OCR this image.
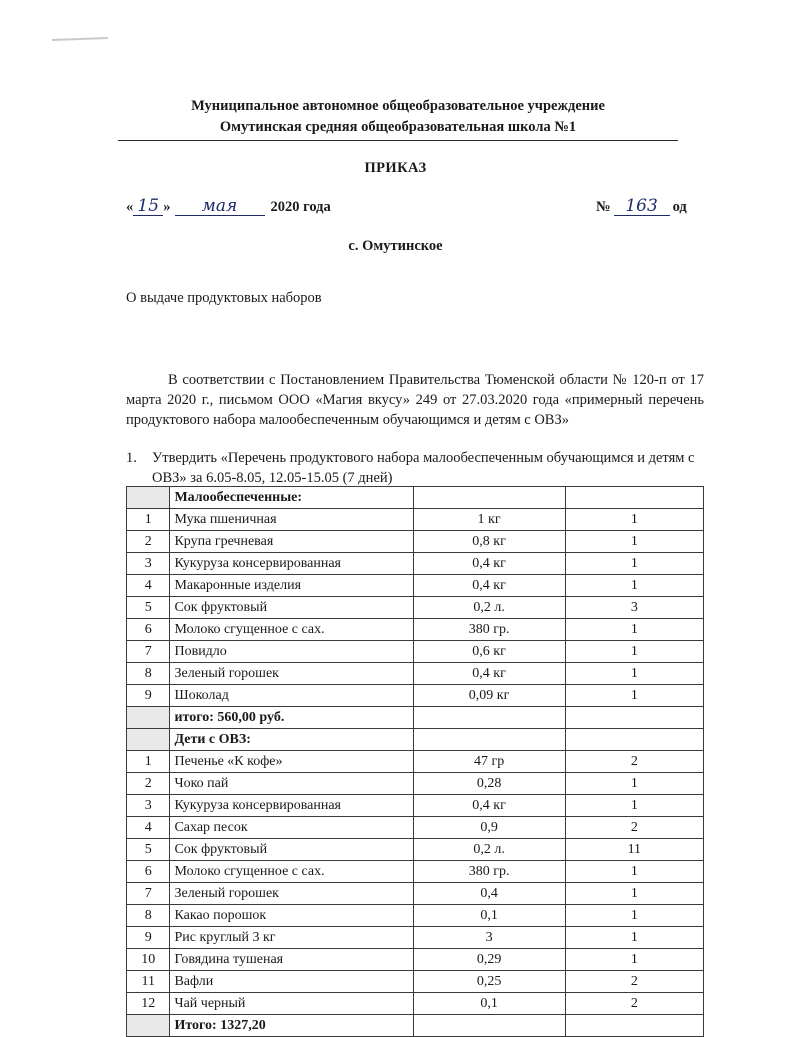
Муниципальное автономное общеобразовательное учреждение
Омутинская средняя общеобразовательная школа №1
ПРИКАЗ
« 15 »	мая	2020 года	№ 163	од
с. Омутинское
О выдаче продуктовых наборов

В соответствии с Постановлением Правительства Тюменской области № 120-п от 17 марта 2020 г., письмом ООО «Магия вкусу» 249 от 27.03.2020 года «примерный перечень продуктового набора малообеспеченным обучающимся и детям с ОВЗ»

1.	Утвердить «Перечень продуктового набора малообеспеченным обучающимся и детям с ОВЗ» за 6.05-8.05, 12.05-15.05 (7 дней)
	Малообеспеченные:		
1	Мука пшеничная	1 кг	1
2	Крупа гречневая	0,8 кг	1
3	Кукуруза консервированная	0,4 кг	1
4	Макаронные изделия	0,4 кг	1
5	Сок фруктовый	0,2 л.	3
6	Молоко сгущенное с сах.	380 гр.	1
7	Повидло	0,6 кг	1
8	Зеленый горошек	0,4 кг	1
9	Шоколад	0,09 кг	1
	итого: 560,00 руб.		
	Дети с ОВЗ:		
1	Печенье «К кофе»	47 гр	2
2	Чоко пай	0,28	1
3	Кукуруза консервированная	0,4 кг	1
4	Сахар песок	0,9	2
5	Сок фруктовый	0,2 л.	11
6	Молоко сгущенное с сах.	380 гр.	1
7	Зеленый горошек	0,4	1
8	Какао порошок	0,1	1
9	Рис круглый 3 кг	3	1
10	Говядина тушеная	0,29	1
11	Вафли	0,25	2
12	Чай черный	0,1	2
	Итого: 1327,20		
